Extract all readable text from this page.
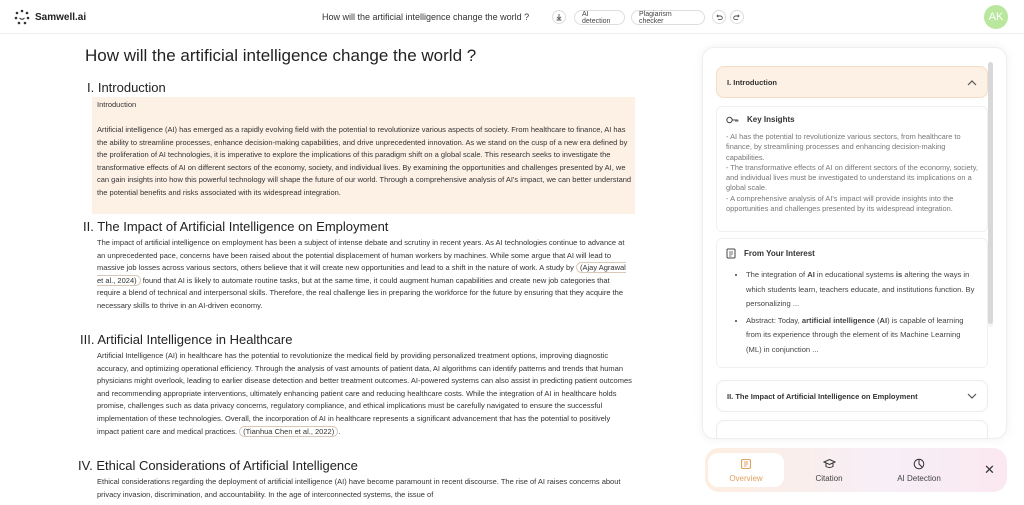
Samwell.ai	How will the artificial intelligence change the world ?	AI detection
Plagiarism checker	AK
How will the artificial intelligence change the world ?
I. Introduction
Introduction
Artificial intelligence (AI) has emerged as a rapidly evolving field with the potential to revolutionize various aspects of society. From healthcare to finance, AI has the ability to streamline processes, enhance decision-making capabilities, and drive unprecedented innovation. As we stand on the cusp of a new era defined by the proliferation of AI technologies, it is imperative to explore the implications of this paradigm shift on a global scale. This research seeks to investigate the transformative effects of AI on different sectors of the economy, society, and individual lives. By examining the opportunities and challenges presented by AI, we can gain insights into how this powerful technology will shape the future of our world. Through a comprehensive analysis of AI's impact, we can better understand the potential benefits and risks associated with its widespread integration.
II. The Impact of Artificial Intelligence on Employment
The impact of artificial intelligence on employment has been a subject of intense debate and scrutiny in recent years. As AI technologies continue to advance at an unprecedented pace, concerns have been raised about the potential displacement of human workers by machines. While some argue that AI will lead to massive job losses across various sectors, others believe that it will create new opportunities and lead to a shift in the nature of work. A study by (Ajay Agrawal et al., 2024) found that AI is likely to automate routine tasks, but at the same time, it could augment human capabilities and create new job categories that require a blend of technical and interpersonal skills. Therefore, the real challenge lies in preparing the workforce for the future by ensuring that they acquire the necessary skills to thrive in an AI-driven economy.
III. Artificial Intelligence in Healthcare
Artificial Intelligence (AI) in healthcare has the potential to revolutionize the medical field by providing personalized treatment options, improving diagnostic accuracy, and optimizing operational efficiency. Through the analysis of vast amounts of patient data, AI algorithms can identify patterns and trends that human physicians might overlook, leading to earlier disease detection and better treatment outcomes. AI-powered systems can also assist in predicting patient outcomes and recommending appropriate interventions, ultimately enhancing patient care and reducing healthcare costs. While the integration of AI in healthcare holds promise, challenges such as data privacy concerns, regulatory compliance, and ethical implications must be carefully navigated to ensure the successful implementation of these technologies. Overall, the incorporation of AI in healthcare represents a significant advancement that has the potential to positively impact patient care and medical practices. (Tianhua Chen et al., 2022) .
IV. Ethical Considerations of Artificial Intelligence
Ethical considerations regarding the deployment of artificial intelligence (AI) have become paramount in recent discourse. The rise of AI raises concerns about privacy invasion, discrimination, and accountability. In the age of interconnected systems, the issue of
I. Introduction
Key Insights
- AI has the potential to revolutionize various sectors, from healthcare to finance, by streamlining processes and enhancing decision-making capabilities.
- The transformative effects of AI on different sectors of the economy, society, and individual lives must be investigated to understand its implications on a global scale.
- A comprehensive analysis of AI's impact will provide insights into the opportunities and challenges presented by its widespread integration.
From Your Interest
• The integration of AI in educational systems is altering the ways in which students learn, teachers educate, and institutions function. By personalizing ...
• Abstract: Today, artificial intelligence (AI) is capable of learning from its experience through the element of its Machine Learning (ML) in conjunction ...
II. The Impact of Artificial Intelligence on Employment
Overview	Citation	AI Detection
✕
